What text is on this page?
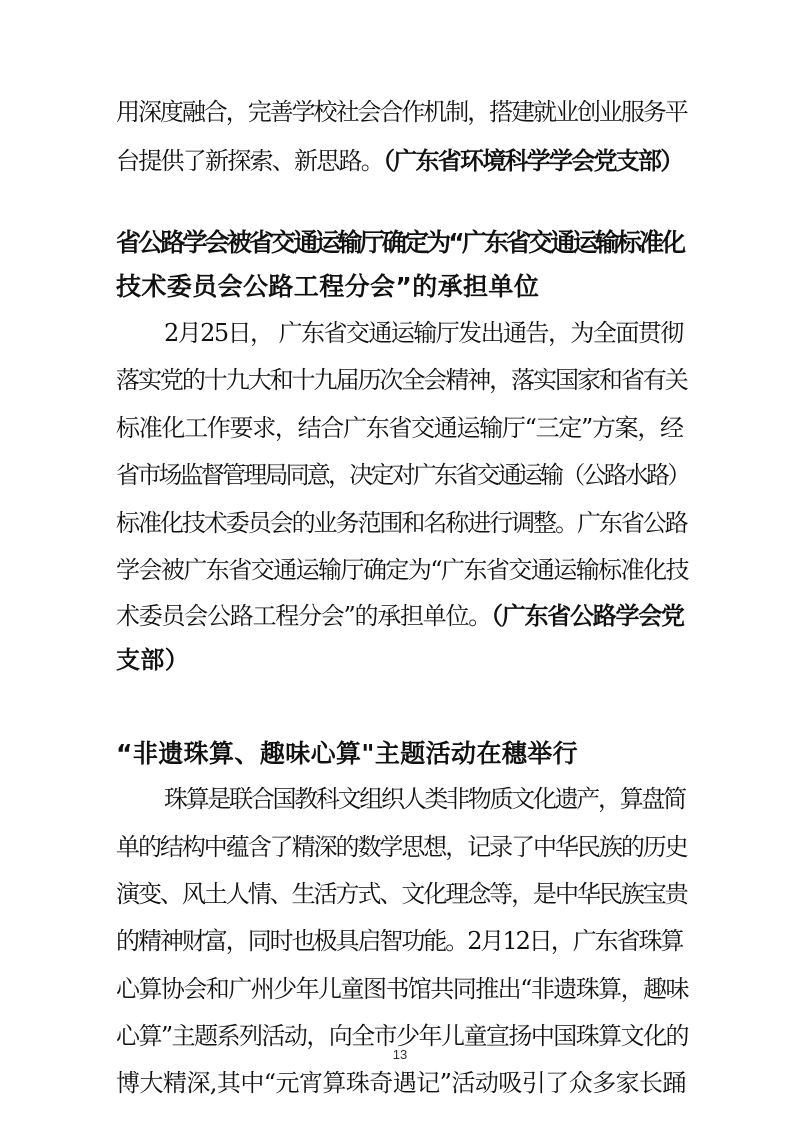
用深度融合，完善学校社会合作机制，搭建就业创业服务平
台提供了新探索、新思路。（广东省环境科学学会党支部）
省公路学会被省交通运输厅确定为“广东省交通运输标准化
技术委员会公路工程分会”的承担单位
2月25日， 广东省交通运输厅发出通告，为全面贯彻
落实党的十九大和十九届历次全会精神，落实国家和省有关
标准化工作要求，结合广东省交通运输厅“三定”方案，经
省市场监督管理局同意，决定对广东省交通运输（公路水路）
标准化技术委员会的业务范围和名称进行调整。广东省公路
学会被广东省交通运输厅确定为“广东省交通运输标准化技
术委员会公路工程分会”的承担单位。（广东省公路学会党
支部）
“非遗珠算、趣味心算"主题活动在穗举行
珠算是联合国教科文组织人类非物质文化遗产，算盘简
单的结构中蕴含了精深的数学思想，记录了中华民族的历史
演变、风土人情、生活方式、文化理念等，是中华民族宝贵
的精神财富，同时也极具启智功能。2月12日，广东省珠算
心算协会和广州少年儿童图书馆共同推出“非遗珠算，趣味
心算”主题系列活动，向全市少年儿童宣扬中国珠算文化的
博大精深,其中“元宵算珠奇遇记”活动吸引了众多家长踊
13
